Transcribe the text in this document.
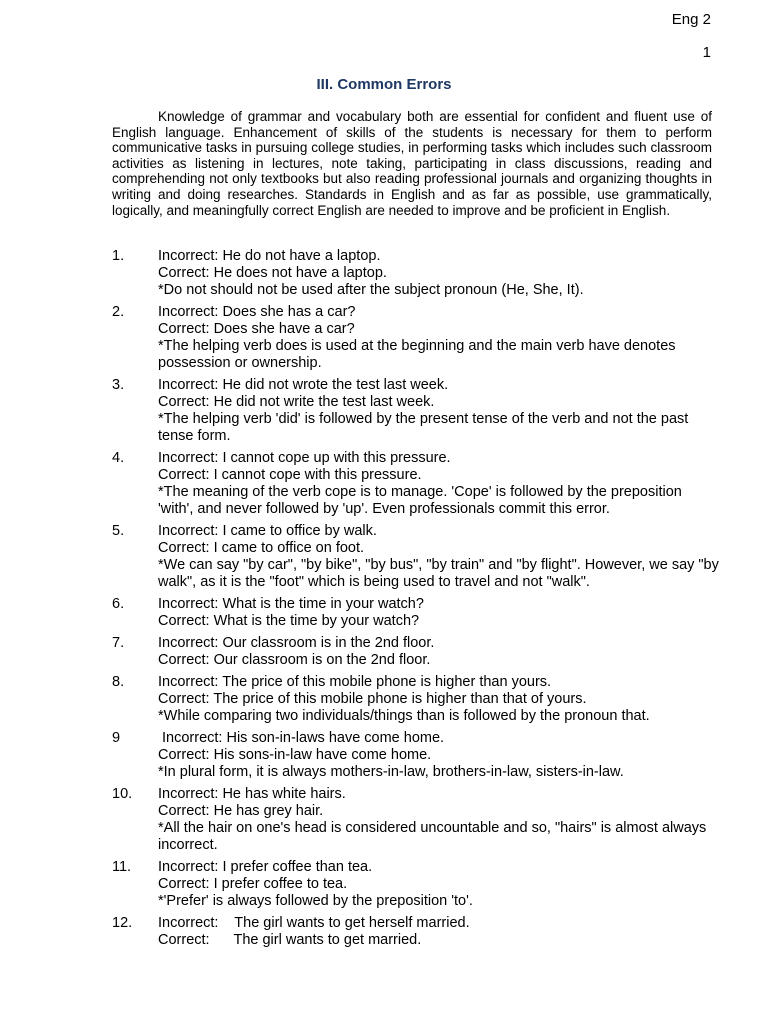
Eng 2
1
III. Common Errors

Knowledge of grammar and vocabulary both are essential for confident and fluent use of English language. Enhancement of skills of the students is necessary for them to perform communicative tasks in pursuing college studies, in performing tasks which includes such classroom activities as listening in lectures, note taking, participating in class discussions, reading and comprehending not only textbooks but also reading professional journals and organizing thoughts in writing and doing researches. Standards in English and as far as possible, use grammatically, logically, and meaningfully correct English are needed to improve and be proficient in English.

1.	Incorrect: He do not have a laptop.
Correct: He does not have a laptop.
*Do not should not be used after the subject pronoun (He, She, It).
2.	Incorrect: Does she has a car?
Correct: Does she have a car?
*The helping verb does is used at the beginning and the main verb have denotes possession or ownership.
3.	Incorrect: He did not wrote the test last week.
Correct: He did not write the test last week.
*The helping verb 'did' is followed by the present tense of the verb and not the past tense form.
4.	Incorrect: I cannot cope up with this pressure.
Correct: I cannot cope with this pressure.
*The meaning of the verb cope is to manage. 'Cope' is followed by the preposition    'with', and never followed by 'up'. Even professionals commit this error.
5.	Incorrect: I came to office by walk.
Correct: I came to office on foot.
*We can say "by car", "by bike", "by bus", "by train" and "by flight". However, we say "by walk", as it is the "foot" which is being used to travel and not "walk".
6.	Incorrect: What is the time in your watch?
Correct: What is the time by your watch?
7.	Incorrect: Our classroom is in the 2nd floor.
Correct: Our classroom is on the 2nd floor.
8.	Incorrect: The price of this mobile phone is higher than yours.
Correct: The price of this mobile phone is higher than that of yours.
*While comparing two individuals/things than is followed by the pronoun that.
9	Incorrect: His son-in-laws have come home.
Correct: His sons-in-law have come home.
*In plural form, it is always mothers-in-law, brothers-in-law, sisters-in-law.
10.	Incorrect: He has white hairs.
Correct: He has grey hair.
*All the hair on one's head is considered uncountable and so, "hairs" is almost always incorrect.
11.	Incorrect: I prefer coffee than tea.
Correct: I prefer coffee to tea.
*'Prefer' is always followed by the preposition 'to'.
12.	Incorrect:    The girl wants to get herself married.
Correct:      The girl wants to get married.
